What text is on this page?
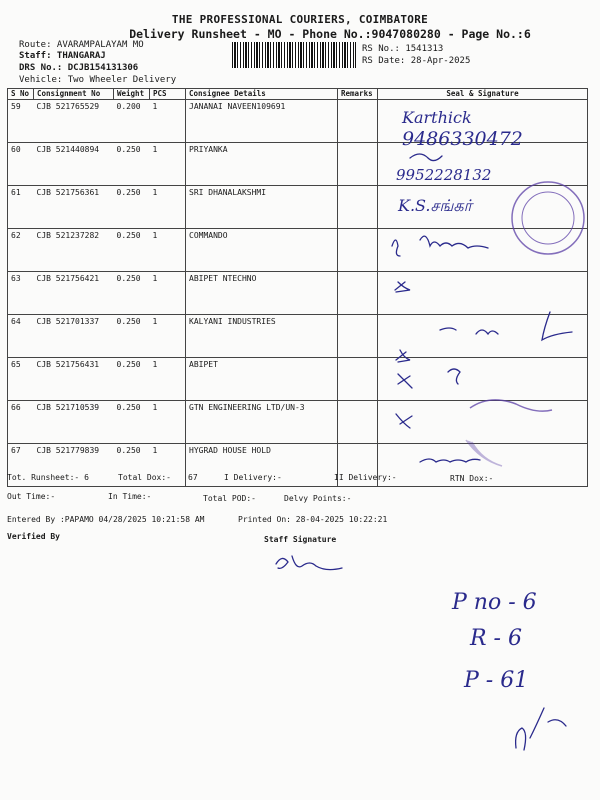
THE PROFESSIONAL COURIERS, COIMBATORE
Delivery Runsheet - MO - Phone No.:9047080280 - Page No.:6
Route: AVARAMPALAYAM MO
Staff: THANGARAJ
DRS No.: DCJB154131306
Vehicle: Two Wheeler Delivery
RS No.: 1541313
RS Date: 28-Apr-2025
S No	Consignment No	Weight	PCS	Consignee Details	Remarks	Seal & Signature
59	CJB 521765529	0.200	1	JANANAI NAVEEN109691		
60	CJB 521440894	0.250	1	PRIYANKA		
61	CJB 521756361	0.250	1	SRI DHANALAKSHMI		
62	CJB 521237282	0.250	1	COMMANDO		
63	CJB 521756421	0.250	1	ABIPET NTECHNO		
64	CJB 521701337	0.250	1	KALYANI INDUSTRIES		
65	CJB 521756431	0.250	1	ABIPET		
66	CJB 521710539	0.250	1	GTN ENGINEERING LTD/UN-3		
67	CJB 521779839	0.250	1	HYGRAD HOUSE HOLD		
Tot. Runsheet:- 6	Total Dox:- 67	I Delivery:-	II Delivery:-	RTN Dox:-
Out Time:-	In Time:-	Total POD:-	Delvy Points:-
Entered By :PAPAMO 04/28/2025 10:21:58 AM	Printed On: 28-04-2025 10:22:21
Verified By	Staff Signature
Karthick
9486330472
9952228132
K.S.சங்கர்
P no - 6
R - 6
P - 61
